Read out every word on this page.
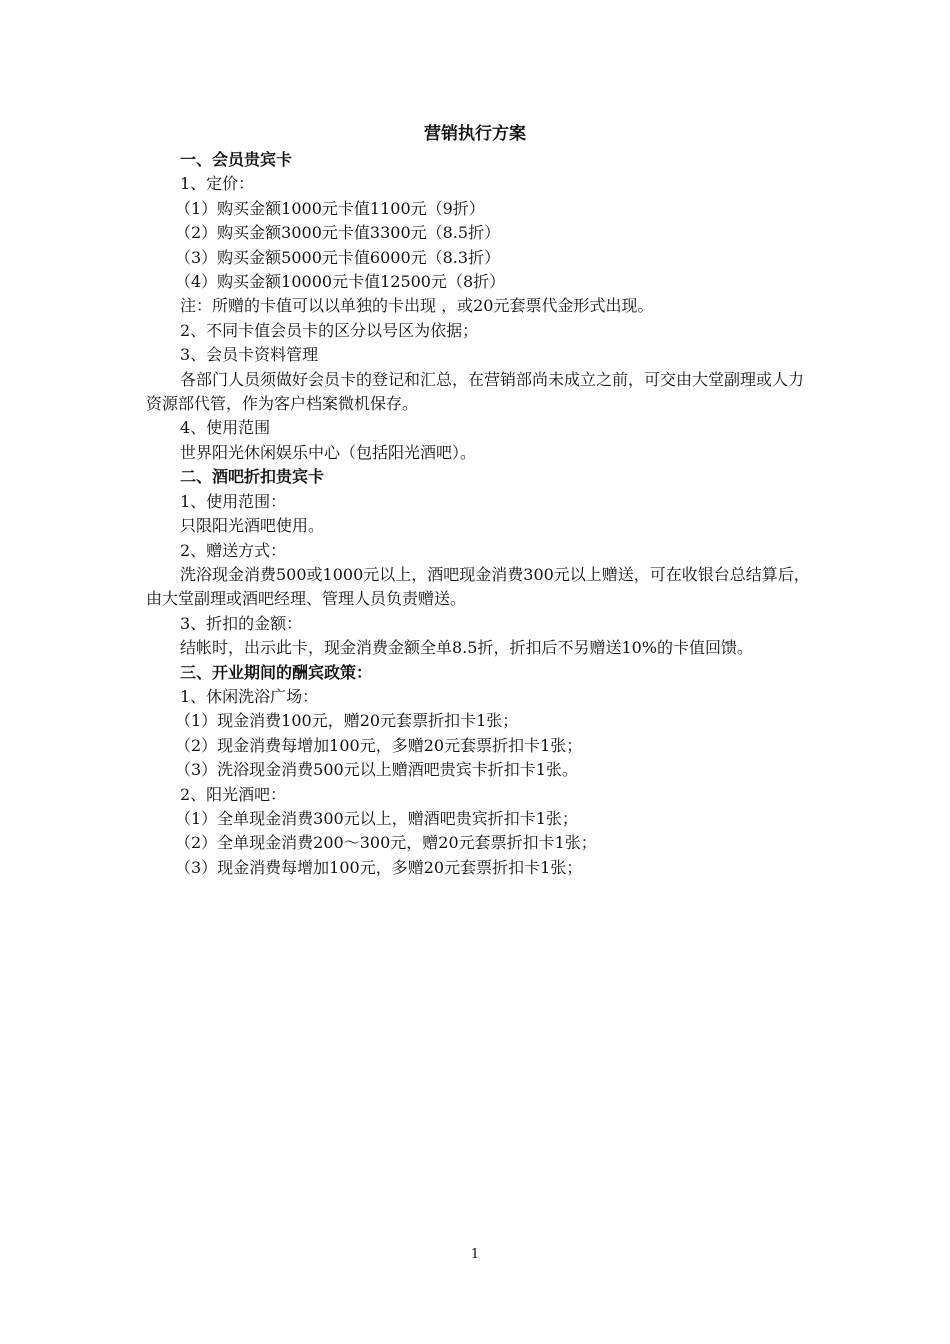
营销执行方案
一、会员贵宾卡
1、定价：
（1）购买金额1000元卡值1100元（9折）
（2）购买金额3000元卡值3300元（8.5折）
（3）购买金额5000元卡值6000元（8.3折）
（4）购买金额10000元卡值12500元（8折）
注：所赠的卡值可以以单独的卡出现 ，或20元套票代金形式出现。
2、不同卡值会员卡的区分以号区为依据；
3、会员卡资料管理
各部门人员须做好会员卡的登记和汇总，在营销部尚未成立之前，可交由大堂副理或人力资源部代管，作为客户档案微机保存。
4、使用范围
世界阳光休闲娱乐中心（包括阳光酒吧）。
二、酒吧折扣贵宾卡
1、使用范围：
只限阳光酒吧使用。
2、赠送方式：
洗浴现金消费500或1000元以上，酒吧现金消费300元以上赠送，可在收银台总结算后，由大堂副理或酒吧经理、管理人员负责赠送。
3、折扣的金额：
结帐时，出示此卡，现金消费金额全单8.5折，折扣后不另赠送10%的卡值回馈。
三、开业期间的酬宾政策：
1、休闲洗浴广场：
（1）现金消费100元，赠20元套票折扣卡1张；
（2）现金消费每增加100元，多赠20元套票折扣卡1张；
（3）洗浴现金消费500元以上赠酒吧贵宾卡折扣卡1张。
2、阳光酒吧：
（1）全单现金消费300元以上，赠酒吧贵宾折扣卡1张；
（2）全单现金消费200～300元，赠20元套票折扣卡1张；
（3）现金消费每增加100元，多赠20元套票折扣卡1张；
1
